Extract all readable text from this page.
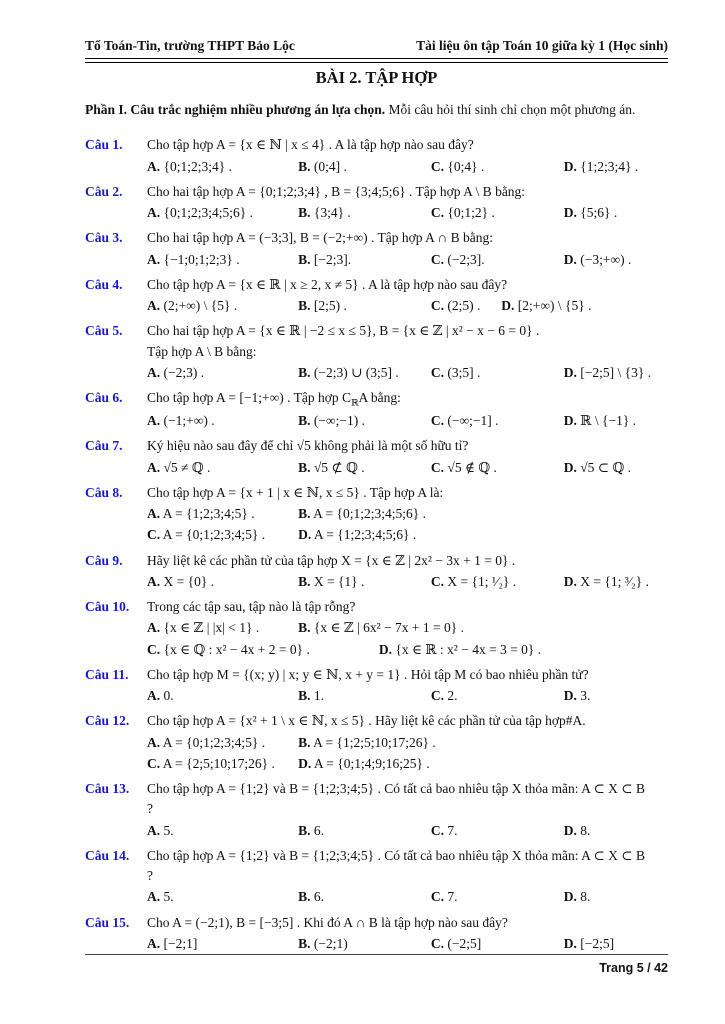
Tổ Toán-Tin, trường THPT Bảo Lộc	Tài liệu ôn tập Toán 10 giữa kỳ 1 (Học sinh)
BÀI 2. TẬP HỢP
Phần I. Câu trắc nghiệm nhiều phương án lựa chọn. Mỗi câu hỏi thí sinh chỉ chọn một phương án.
Câu 1.	Cho tập hợp A = {x ∈ ℕ | x ≤ 4} . A là tập hợp nào sau đây?
A. {0;1;2;3;4} .	B. (0;4] .	C. {0;4} .	D. {1;2;3;4} .
Câu 2.	Cho hai tập hợp A = {0;1;2;3;4} , B = {3;4;5;6} . Tập hợp A \ B bằng:
A. {0;1;2;3;4;5;6} .	B. {3;4} .	C. {0;1;2} .	D. {5;6} .
Câu 3.	Cho hai tập hợp A = (−3;3], B = (−2;+∞) . Tập hợp A ∩ B bằng:
A. {−1;0;1;2;3} .	B. [−2;3].	C. (−2;3].	D. (−3;+∞) .
Câu 4.	Cho tập hợp A = {x ∈ ℝ | x ≥ 2, x ≠ 5} . A là tập hợp nào sau đây?
A. (2;+∞) \ {5} .	B. [2;5) .	C. (2;5) .	D. [2;+∞) \ {5} .
Câu 5.	Cho hai tập hợp A = {x ∈ ℝ | −2 ≤ x ≤ 5}, B = {x ∈ ℤ | x² − x − 6 = 0} .
Tập hợp A \ B bằng:
A. (−2;3) .	B. (−2;3) ∪ (3;5] .	C. (3;5] .	D. [−2;5] \ {3} .
Câu 6.	Cho tập hợp A = [−1;+∞) . Tập hợp $C_ℝA$ bằng:
A. (−1;+∞) .	B. (−∞;−1) .	C. (−∞;−1] .	D. ℝ \ {−1} .
Câu 7.	Ký hiệu nào sau đây để chỉ √5 không phải là một số hữu tỉ?
A. √5 ≠ ℚ .	B. √5 ⊄ ℚ .	C. √5 ∉ ℚ .	D. √5 ⊂ ℚ .
Câu 8.	Cho tập hợp A = {x + 1 | x ∈ ℕ, x ≤ 5} . Tập hợp A là:
A. A = {1;2;3;4;5} .	B. A = {0;1;2;3;4;5;6} .
C. A = {0;1;2;3;4;5} .	D. A = {1;2;3;4;5;6} .
Câu 9.	Hãy liệt kê các phần tử của tập hợp X = {x ∈ ℤ | 2x² − 3x + 1 = 0} .
A. X = {0} .	B. X = {1} .	C. X = {1; ¹⁄₂} .	D. X = {1; ³⁄₂} .
Câu 10.	Trong các tập sau, tập nào là tập rỗng?
A. {x ∈ ℤ | |x| < 1} .	B. {x ∈ ℤ | 6x² − 7x + 1 = 0} .
C. {x ∈ ℚ : x² − 4x + 2 = 0} .	D. {x ∈ ℝ : x² − 4x = 3 = 0} .
Câu 11.	Cho tập hợp M = {(x; y) | x; y ∈ ℕ, x + y = 1} . Hỏi tập M có bao nhiêu phần tử?
A. 0.	B. 1.	C. 2.	D. 3.
Câu 12.	Cho tập hợp A = {x² + 1 \ x ∈ ℕ, x ≤ 5} . Hãy liệt kê các phần tử của tập hợp#A.
A. A = {0;1;2;3;4;5} .	B. A = {1;2;5;10;17;26} .
C. A = {2;5;10;17;26} .	D. A = {0;1;4;9;16;25} .
Câu 13.	Cho tập hợp A = {1;2} và B = {1;2;3;4;5} . Có tất cả bao nhiêu tập X thỏa mãn: A ⊂ X ⊂ B
?
A. 5.	B. 6.	C. 7.	D. 8.
Câu 14.	Cho tập hợp A = {1;2} và B = {1;2;3;4;5} . Có tất cả bao nhiêu tập X thỏa mãn: A ⊂ X ⊂ B
?
A. 5.	B. 6.	C. 7.	D. 8.
Câu 15.	Cho A = (−2;1), B = [−3;5] . Khi đó A ∩ B là tập hợp nào sau đây?
A. [−2;1]	B. (−2;1)	C. (−2;5]	D. [−2;5]
Trang 5 / 42
